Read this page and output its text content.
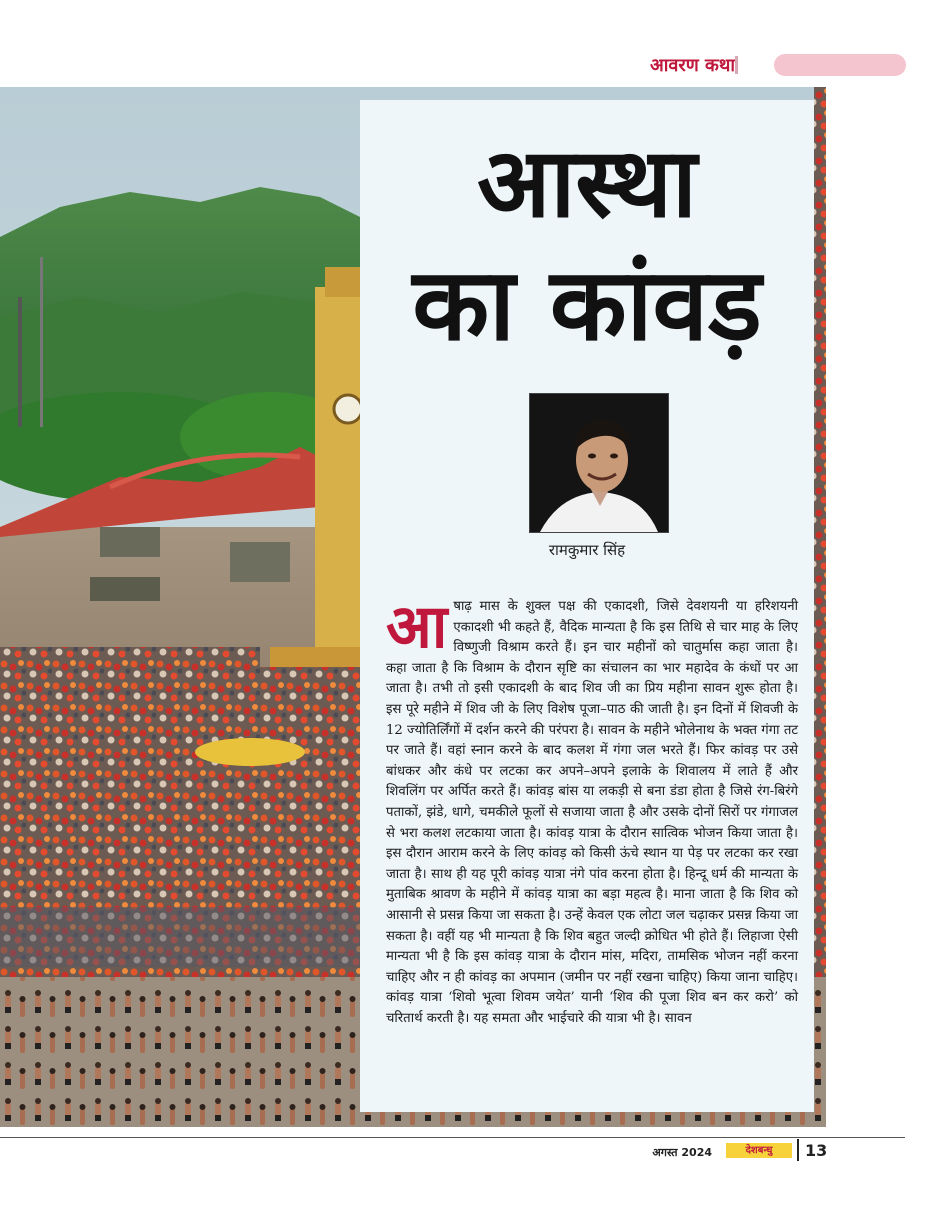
आवरण कथा
आस्था
का कांवड़
रामकुमार सिंह

आषाढ़ मास के शुक्ल पक्ष की एकादशी, जिसे देवशयनी या हरिशयनी एकादशी भी कहते हैं, वैदिक मान्यता है कि इस तिथि से चार माह के लिए विष्णुजी विश्राम करते हैं। इन चार महीनों को चातुर्मास कहा जाता है। कहा जाता है कि विश्राम के दौरान सृष्टि का संचालन का भार महादेव के कंधों पर आ जाता है। तभी तो इसी एकादशी के बाद शिव जी का प्रिय महीना सावन शुरू होता है। इस पूरे महीने में शिव जी के लिए विशेष पूजा–पाठ की जाती है। इन दिनों में शिवजी के 12 ज्योतिर्लिंगों में दर्शन करने की परंपरा है। सावन के महीने भोलेनाथ के भक्त गंगा तट पर जाते हैं। वहां स्नान करने के बाद कलश में गंगा जल भरते हैं। फिर कांवड़ पर उसे बांधकर और कंधे पर लटका कर अपने–अपने इलाके के शिवालय में लाते हैं और शिवलिंग पर अर्पित करते हैं। कांवड़ बांस या लकड़ी से बना डंडा होता है जिसे रंग-बिरंगे पताकों, झंडे, धागे, चमकीले फूलों से सजाया जाता है और उसके दोनों सिरों पर गंगाजल से भरा कलश लटकाया जाता है। कांवड़ यात्रा के दौरान सात्विक भोजन किया जाता है। इस दौरान आराम करने के लिए कांवड़ को किसी ऊंचे स्थान या पेड़ पर लटका कर रखा जाता है। साथ ही यह पूरी कांवड़ यात्रा नंगे पांव करना होता है। हिन्दू धर्म की मान्यता के मुताबिक श्रावण के महीने में कांवड़ यात्रा का बड़ा महत्व है। माना जाता है कि शिव को आसानी से प्रसन्न किया जा सकता है। उन्हें केवल एक लोटा जल चढ़ाकर प्रसन्न किया जा सकता है। वहीं यह भी मान्यता है कि शिव बहुत जल्दी क्रोधित भी होते हैं। लिहाजा ऐसी मान्यता भी है कि इस कांवड़ यात्रा के दौरान मांस, मदिरा, तामसिक भोजन नहीं करना चाहिए और न ही कांवड़ का अपमान (जमीन पर नहीं रखना चाहिए) किया जाना चाहिए। कांवड़ यात्रा ‘शिवो भूत्वा शिवम जयेत’ यानी ‘शिव की पूजा शिव बन कर करो’ को चरितार्थ करती है। यह समता और भाईचारे की यात्रा भी है। सावन

अगस्त 2024	देशबन्धु	13
